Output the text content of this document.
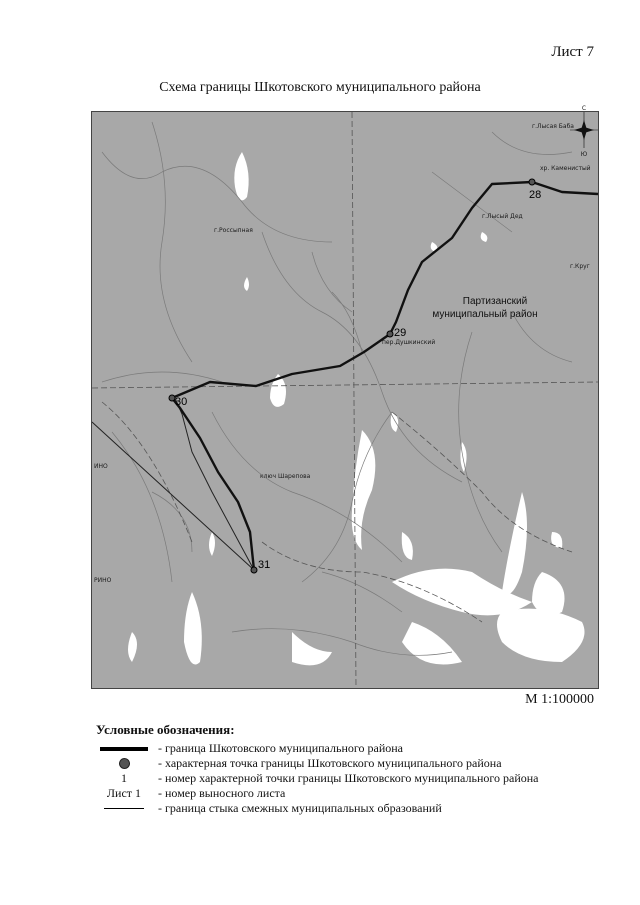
Лист 7
Схема границы Шкотовского муниципального района
С
Ю
28
29
30
31
Партизанский
муниципальный район
г.Лысая Баба
г.Лысый Дед
г.Россыпная
г.Круг
пер.Душкинский
хр. Каменистый
ИНО
РИНО
ключ Шарепова
М 1:100000
Условные обозначения:
- граница Шкотовского муниципального района
- характерная точка границы Шкотовского муниципального района
1	- номер характерной точки границы Шкотовского муниципального района
Лист 1	- номер выносного листа
- граница стыка смежных муниципальных образований
